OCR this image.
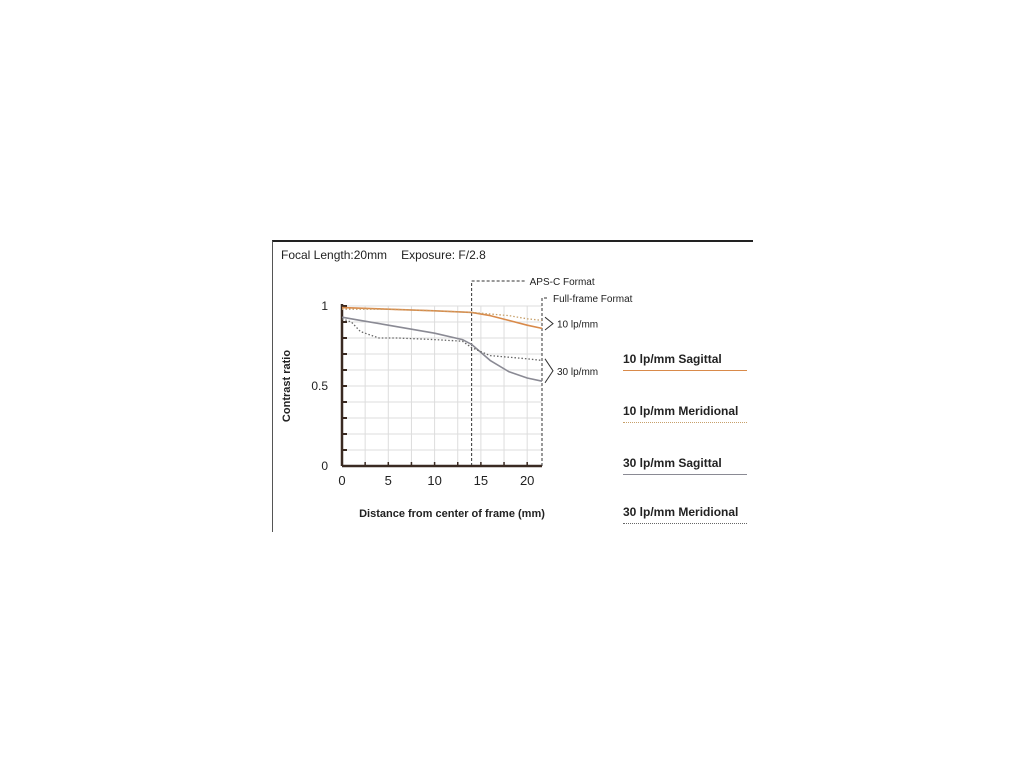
Focal Length:20mm Exposure: F/2.8
APS-C Format
Full-frame Format
0
0.5
1
0	5	10 15 20
Contrast ratio
Distance from center of frame (mm)
10 lp/mm
30 lp/mm
10 lp/mm Sagittal
10 lp/mm Meridional
30 lp/mm Sagittal
30 lp/mm Meridional
